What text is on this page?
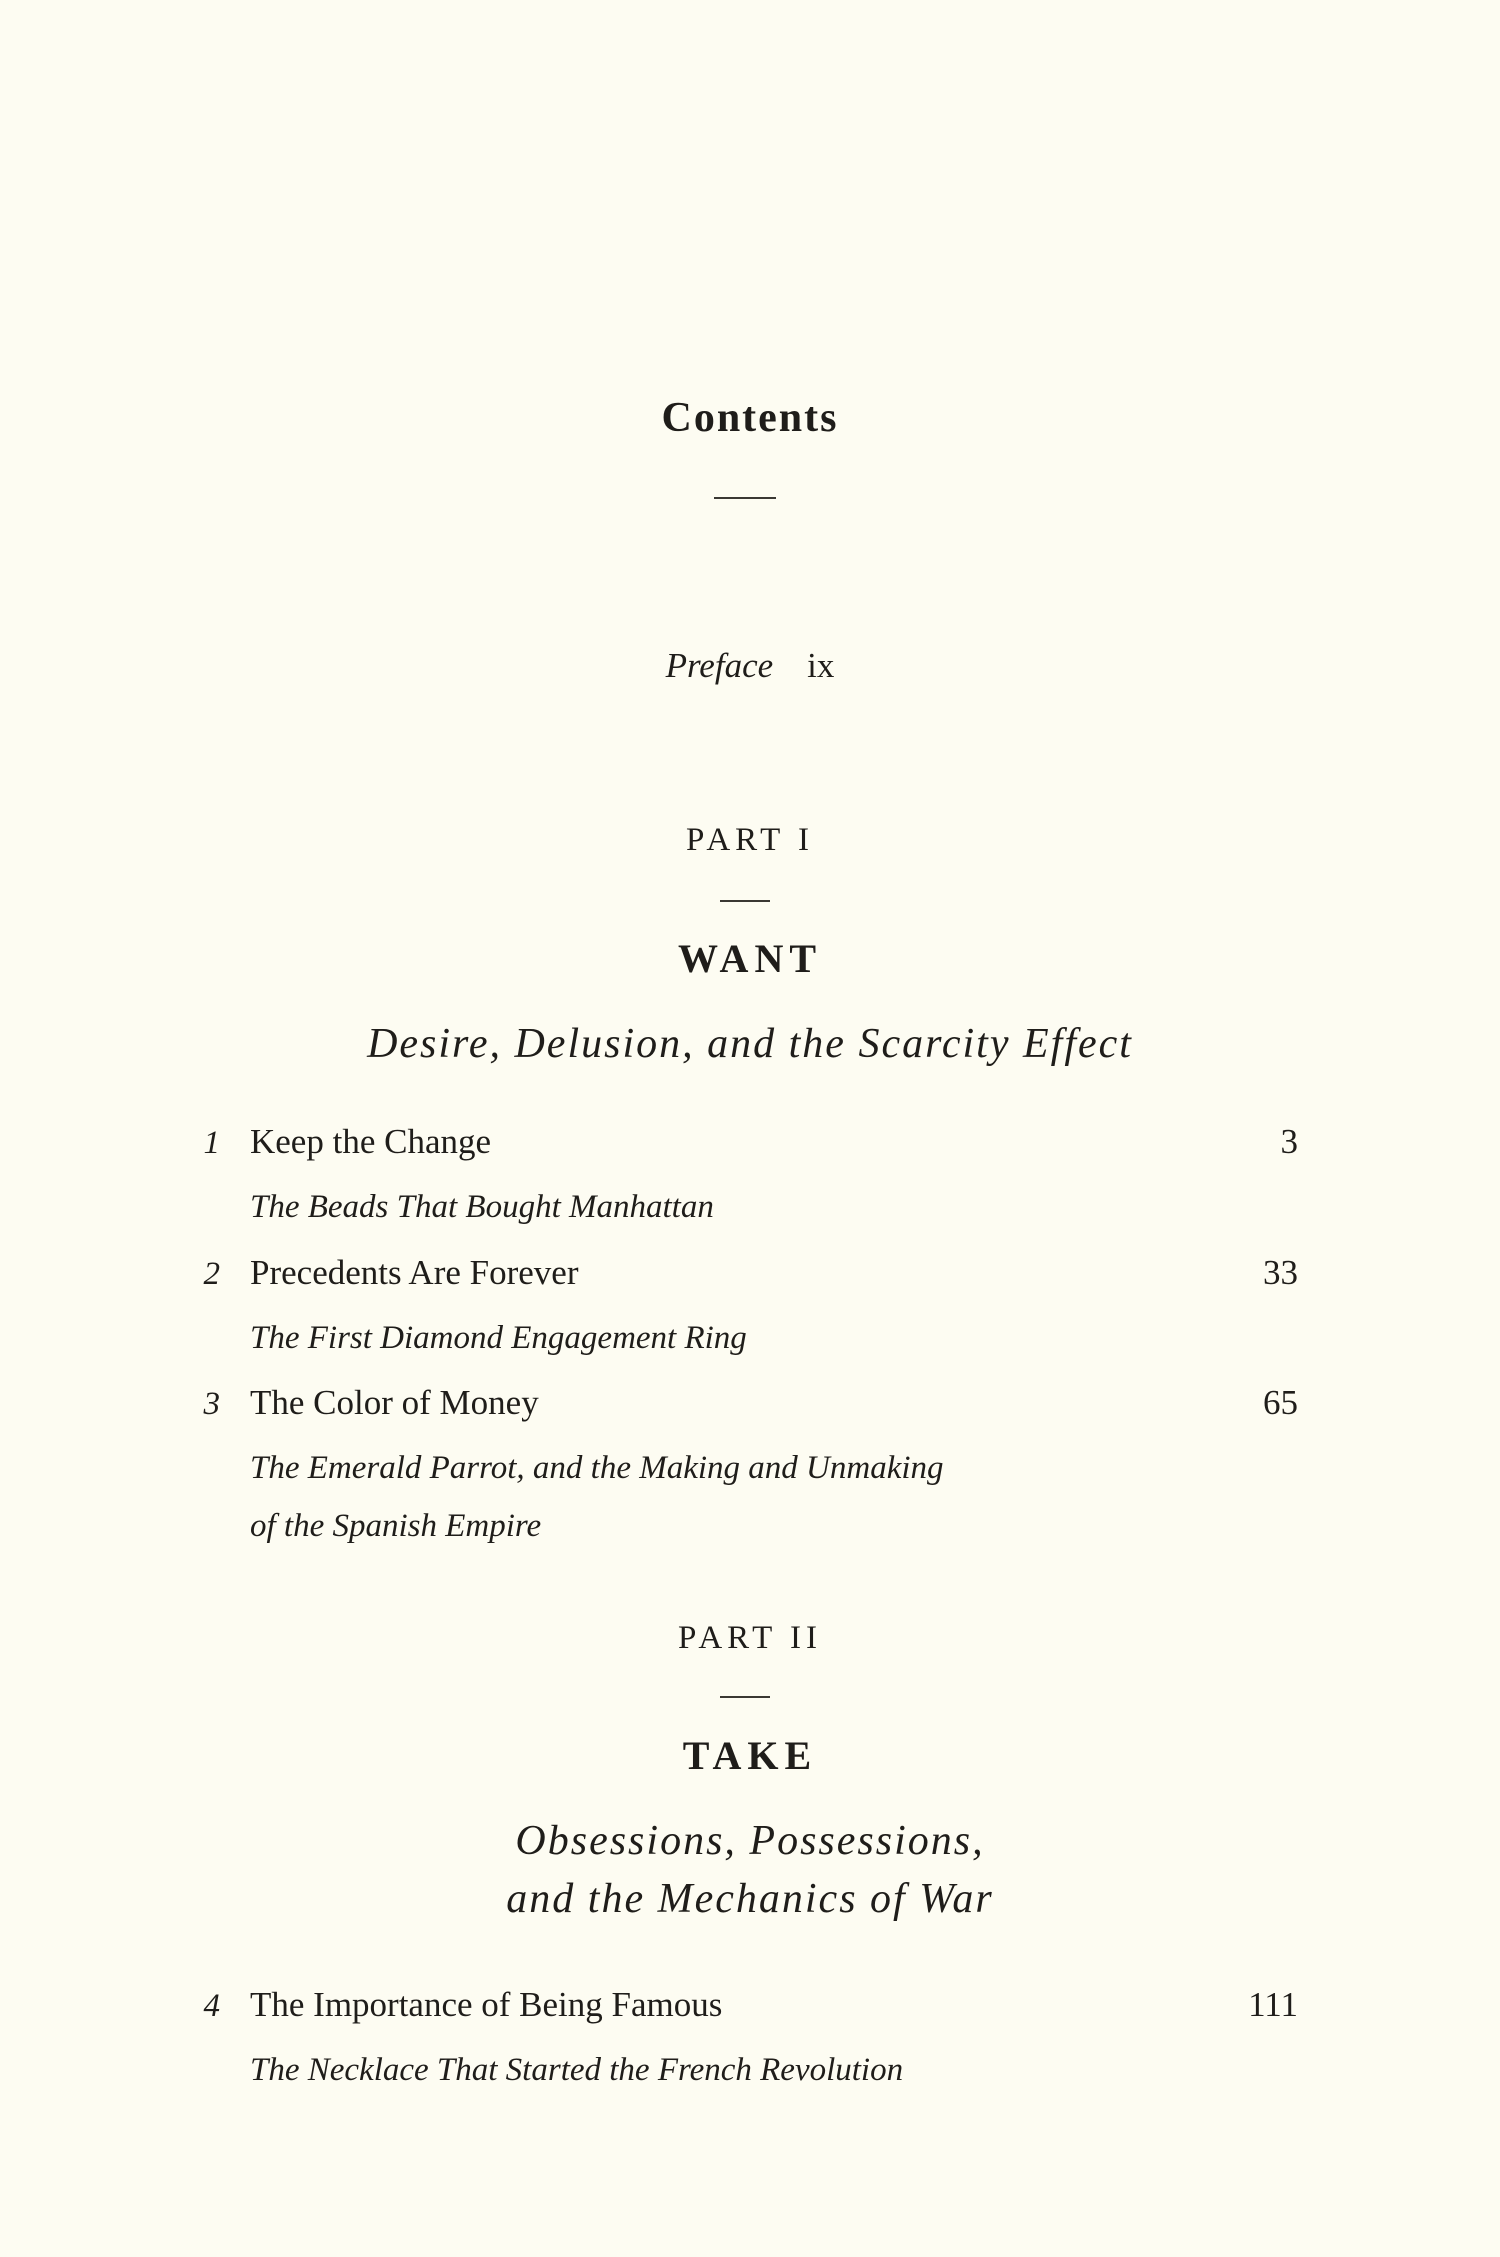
Contents
Preface ix
PART I
WANT
Desire, Delusion, and the Scarcity Effect
1 Keep the Change	3
The Beads That Bought Manhattan
2 Precedents Are Forever	33
The First Diamond Engagement Ring
3 The Color of Money	65
The Emerald Parrot, and the Making and Unmaking
of the Spanish Empire
PART II
TAKE
Obsessions, Possessions,
and the Mechanics of War
4 The Importance of Being Famous	111
The Necklace That Started the French Revolution
